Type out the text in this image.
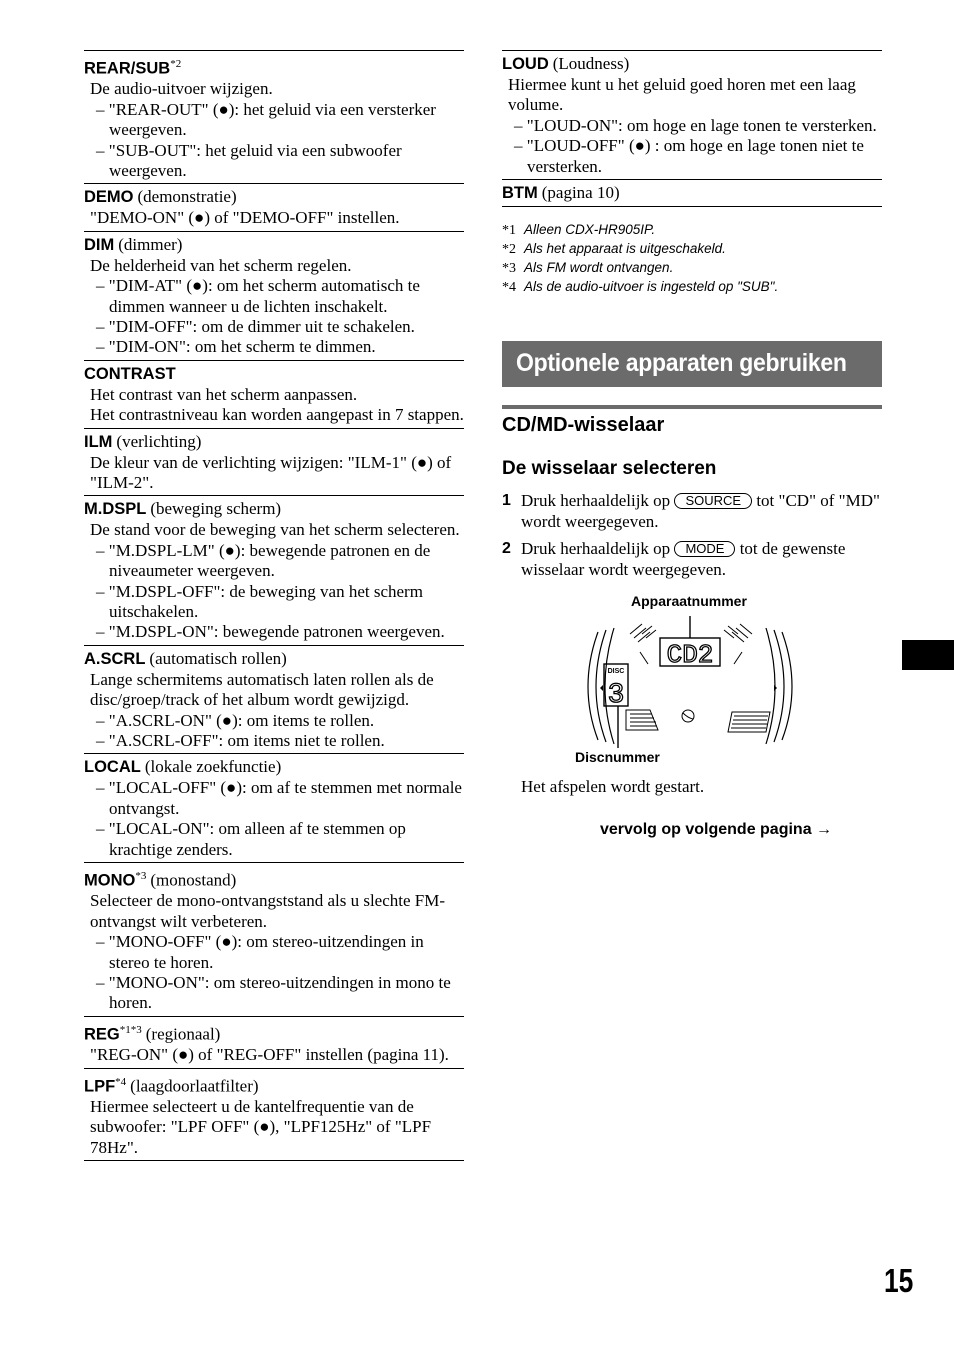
REAR/SUB$^{*2}$
De audio-uitvoer wijzigen.
– "REAR-OUT" (●): het geluid via een versterker weergeven.
– "SUB-OUT": het geluid via een subwoofer weergeven.
DEMO (demonstratie)
"DEMO-ON" (●) of "DEMO-OFF" instellen.
DIM (dimmer)
De helderheid van het scherm regelen.
– "DIM-AT" (●): om het scherm automatisch te dimmen wanneer u de lichten inschakelt.
– "DIM-OFF": om de dimmer uit te schakelen.
– "DIM-ON": om het scherm te dimmen.
CONTRAST
Het contrast van het scherm aanpassen.
Het contrastniveau kan worden aangepast in 7 stappen.
ILM (verlichting)
De kleur van de verlichting wijzigen: "ILM-1" (●) of "ILM-2".
M.DSPL (beweging scherm)
De stand voor de beweging van het scherm selecteren.
– "M.DSPL-LM" (●): bewegende patronen en de niveaumeter weergeven.
– "M.DSPL-OFF": de beweging van het scherm uitschakelen.
– "M.DSPL-ON": bewegende patronen weergeven.
A.SCRL (automatisch rollen)
Lange schermitems automatisch laten rollen als de disc/groep/track of het album wordt gewijzigd.
– "A.SCRL-ON" (●): om items te rollen.
– "A.SCRL-OFF": om items niet te rollen.
LOCAL (lokale zoekfunctie)
– "LOCAL-OFF" (●): om af te stemmen met normale ontvangst.
– "LOCAL-ON": om alleen af te stemmen op krachtige zenders.
MONO$^{*3}$ (monostand)
Selecteer de mono-ontvangststand als u slechte FM-ontvangst wilt verbeteren.
– "MONO-OFF" (●): om stereo-uitzendingen in stereo te horen.
– "MONO-ON": om stereo-uitzendingen in mono te horen.
$REG^{*1*3}$ (regionaal)
"REG-ON" (●) of "REG-OFF" instellen (pagina 11).
LPF$^{*4}$ (laagdoorlaatfilter)
Hiermee selecteert u de kantelfrequentie van de subwoofer: "LPF OFF" (●), "LPF125Hz" of "LPF 78Hz".
LOUD (Loudness)
Hiermee kunt u het geluid goed horen met een laag volume.
– "LOUD-ON": om hoge en lage tonen te versterken.
– "LOUD-OFF" (●) : om hoge en lage tonen niet te versterken.
BTM (pagina 10)
*1 Alleen CDX-HR905IP.
*2 Als het apparaat is uitgeschakeld.
*3 Als FM wordt ontvangen.
*4 Als de audio-uitvoer is ingesteld op "SUB".
Optionele apparaten gebruiken
CD/MD-wisselaar
De wisselaar selecteren
1 Druk herhaaldelijk op SOURCE tot "CD" of "MD" wordt weergegeven.
2 Druk herhaaldelijk op MODE tot de gewenste wisselaar wordt weergegeven.
Apparaatnummer
Discnummer
CD2
DISC
3
Het afspelen wordt gestart.
vervolg op volgende pagina →
15
